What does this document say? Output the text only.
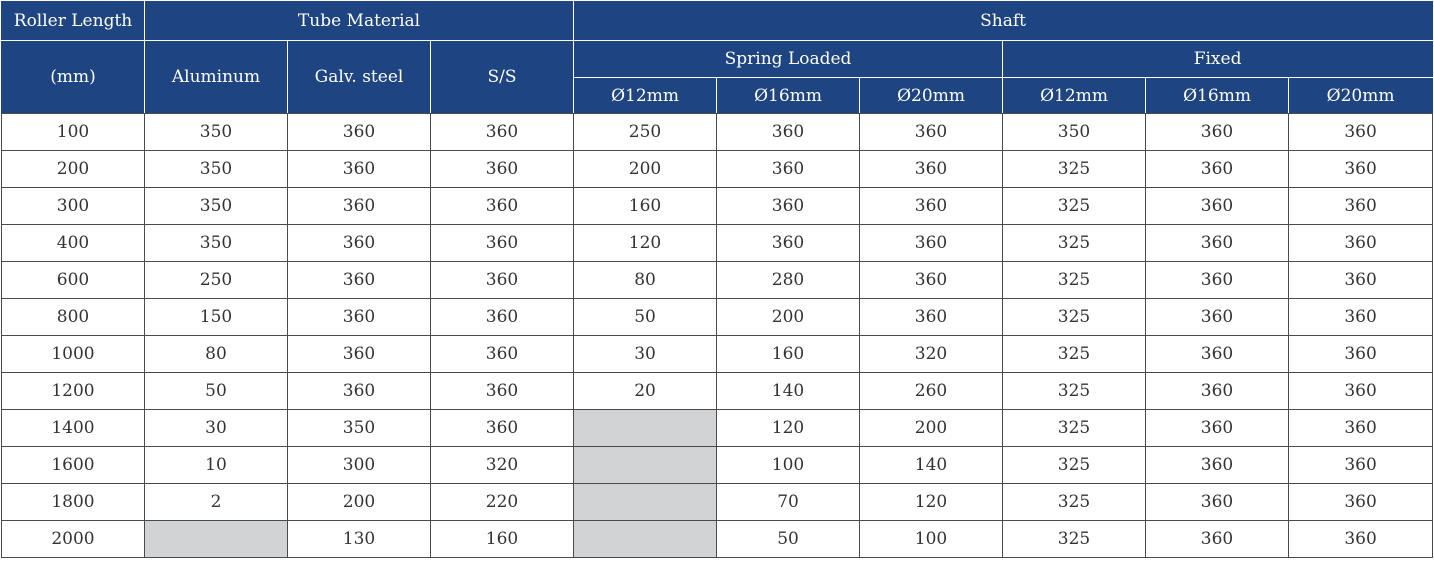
Roller Length	Tube Material			Shaft					
(mm)	Aluminum	Galv. steel	S/S	Spring Loaded			Fixed		
				Ø12mm	Ø16mm	Ø20mm	Ø12mm	Ø16mm	Ø20mm
100	350	360	360	250	360	360	350	360	360
200	350	360	360	200	360	360	325	360	360
300	350	360	360	160	360	360	325	360	360
400	350	360	360	120	360	360	325	360	360
600	250	360	360	80	280	360	325	360	360
800	150	360	360	50	200	360	325	360	360
1000	80	360	360	30	160	320	325	360	360
1200	50	360	360	20	140	260	325	360	360
1400	30	350	360		120	200	325	360	360
1600	10	300	320		100	140	325	360	360
1800	2	200	220		70	120	325	360	360
2000		130	160		50	100	325	360	360
